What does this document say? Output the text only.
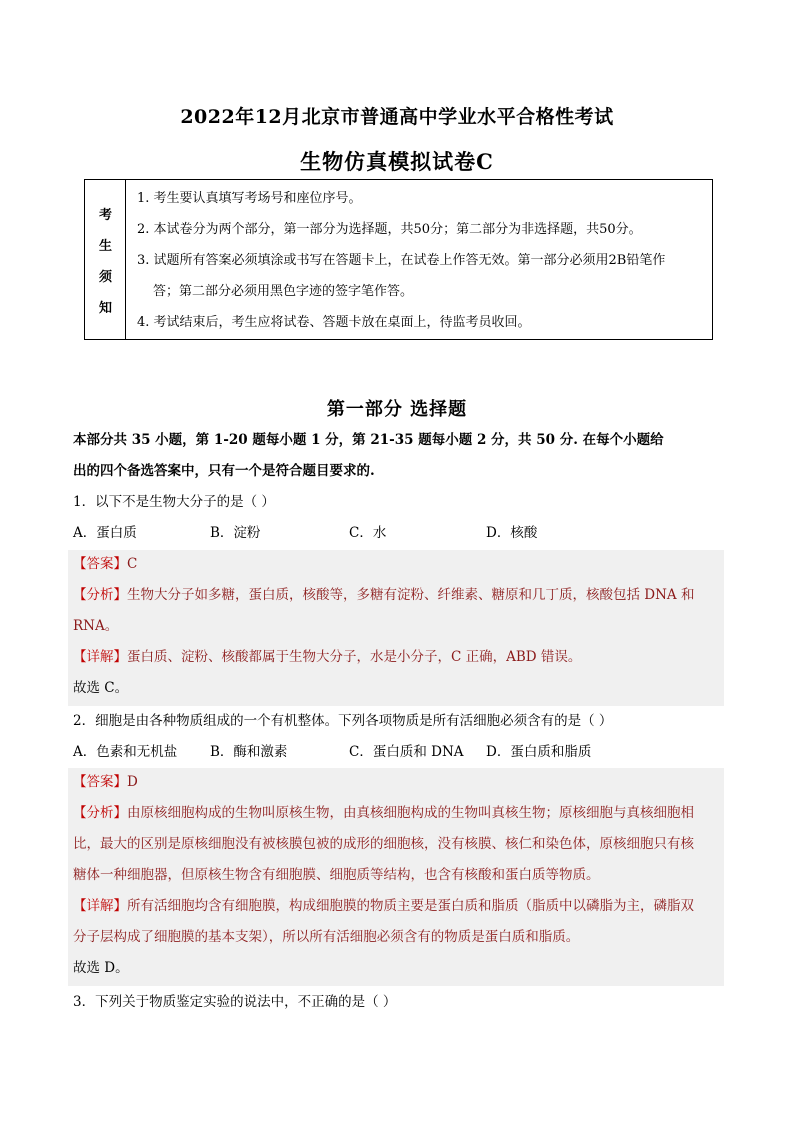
2022年12月北京市普通高中学业水平合格性考试
生物仿真模拟试卷C
考
生
须
知
1. 考生要认真填写考场号和座位序号。
2. 本试卷分为两个部分，第一部分为选择题，共50分；第二部分为非选择题，共50分。
3. 试题所有答案必须填涂或书写在答题卡上，在试卷上作答无效。第一部分必须用2B铅笔作
答；第二部分必须用黑色字迹的签字笔作答。
4. 考试结束后，考生应将试卷、答题卡放在桌面上，待监考员收回。
第一部分 选择题
本部分共 35 小题，第 1-20 题每小题 1 分，第 21-35 题每小题 2 分，共 50 分. 在每个小题给
出的四个备选答案中，只有一个是符合题目要求的.
1．以下不是生物大分子的是（ ）
A．蛋白质	B．淀粉	C．水	D．核酸
【答案】C
【分析】生物大分子如多糖，蛋白质，核酸等，多糖有淀粉、纤维素、糖原和几丁质，核酸包括 DNA 和
RNA。
【详解】蛋白质、淀粉、核酸都属于生物大分子，水是小分子，C 正确，ABD 错误。
故选 C。
2．细胞是由各种物质组成的一个有机整体。下列各项物质是所有活细胞必须含有的是（ ）
A．色素和无机盐 B．酶和激素	C．蛋白质和 DNA D．蛋白质和脂质
【答案】D
【分析】由原核细胞构成的生物叫原核生物，由真核细胞构成的生物叫真核生物；原核细胞与真核细胞相
比，最大的区别是原核细胞没有被核膜包被的成形的细胞核，没有核膜、核仁和染色体，原核细胞只有核
糖体一种细胞器，但原核生物含有细胞膜、细胞质等结构，也含有核酸和蛋白质等物质。
【详解】所有活细胞均含有细胞膜，构成细胞膜的物质主要是蛋白质和脂质（脂质中以磷脂为主，磷脂双
分子层构成了细胞膜的基本支架），所以所有活细胞必须含有的物质是蛋白质和脂质。
故选 D。
3．下列关于物质鉴定实验的说法中，不正确的是（ ）
